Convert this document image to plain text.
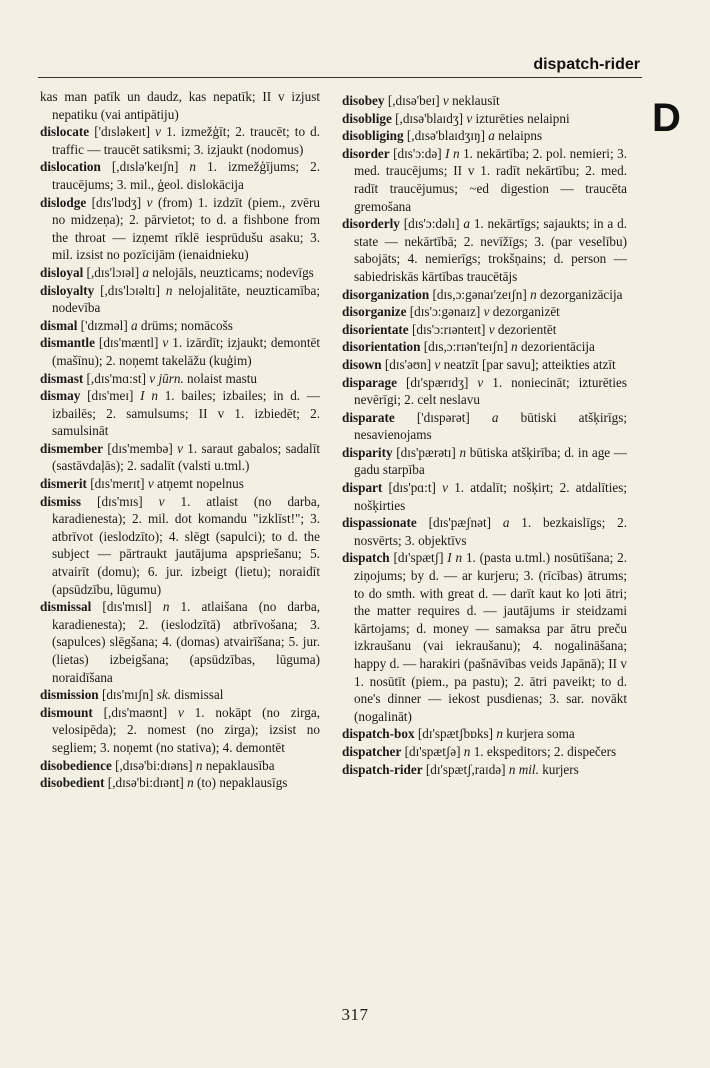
dispatch-rider
D

kas man patīk un daudz, kas nepatīk; II v izjust nepatiku (vai antipātiju)

dislocate ['dɪsləkeɪt] v 1. izmežģīt; 2. traucēt; to d. traffic — traucēt satiksmi; 3. izjaukt (nodomus)

dislocation [,dɪslə'keɪʃn] n 1. izmežģījums; 2. traucējums; 3. mil., ģeol. dislokācija

dislodge [dɪs'lɒdʒ] v (from) 1. izdzīt (piem., zvēru no midzeņa); 2. pārvietot; to d. a fishbone from the throat — izņemt rīklē iesprūdušu asaku; 3. mil. izsist no pozīcijām (ienaidnieku)

disloyal [,dɪs'lɔɪəl] a nelojāls, neuzticams; nodevīgs

disloyalty [,dɪs'lɔɪəltɪ] n nelojalitāte, neuzticamība; nodevība

dismal ['dɪzməl] a drūms; nomācošs

dismantle [dɪs'mæntl] v 1. izārdīt; izjaukt; demontēt (mašīnu); 2. noņemt takelāžu (kuģim)

dismast [,dɪs'mɑ:st] v jūrn. nolaist mastu

dismay [dɪs'meɪ] I n 1. bailes; izbailes; in d. — izbailēs; 2. samulsums; II v 1. izbiedēt; 2. samulsināt

dismember [dɪs'membə] v 1. saraut gabalos; sadalīt (sastāvdaļās); 2. sadalīt (valsti u.tml.)

dismerit [dɪs'merɪt] v atņemt nopelnus

dismiss [dɪs'mɪs] v 1. atlaist (no darba, karadienesta); 2. mil. dot komandu "izklīst!"; 3. atbrīvot (ieslodzīto); 4. slēgt (sapulci); to d. the subject — pārtraukt jautājuma apspriešanu; 5. atvairīt (domu); 6. jur. izbeigt (lietu); noraidīt (apsūdzību, lūgumu)

dismissal [dɪs'mɪsl] n 1. atlaišana (no darba, karadienesta); 2. (ieslodzītā) atbrīvošana; 3. (sapulces) slēgšana; 4. (domas) atvairīšana; 5. jur. (lietas) izbeigšana; (apsūdzības, lūguma) noraidīšana

dismission [dɪs'mɪʃn] sk. dismissal

dismount [,dɪs'maʊnt] v 1. nokāpt (no zirga, velosipēda); 2. nomest (no zirga); izsist no segliem; 3. noņemt (no stativa); 4. demontēt

disobedience [,dɪsə'bi:dɪəns] n nepaklausība

disobedient [,dɪsə'bi:dɪənt] n (to) nepaklausīgs

disobey [,dɪsə'beɪ] v neklausīt

disoblige [,dɪsə'blaɪdʒ] v izturēties nelaipni

disobliging [,dɪsə'blaɪdʒɪŋ] a nelaipns

disorder [dɪs'ɔ:də] I n 1. nekārtība; 2. pol. nemieri; 3. med. traucējums; II v 1. radīt nekārtību; 2. med. radīt traucējumus; ~ed digestion — traucēta gremošana

disorderly [dɪs'ɔ:dəlɪ] a 1. nekārtīgs; sajaukts; in a d. state — nekārtībā; 2. nevīžīgs; 3. (par veselību) sabojāts; 4. nemierīgs; trokšņains; d. person — sabiedriskās kārtības traucētājs

disorganization [dɪs,ɔ:gənaɪ'zeɪʃn] n dezorganizācija

disorganize [dɪs'ɔ:gənaɪz] v dezorganizēt

disorientate [dɪs'ɔ:rɪənteɪt] v dezorientēt

disorientation [dɪs,ɔ:rɪən'teɪʃn] n dezorientācija

disown [dɪs'əʊn] v neatzīt [par savu]; atteikties atzīt

disparage [dɪ'spærɪdʒ] v 1. noniecināt; izturēties nevērīgi; 2. celt neslavu

disparate ['dɪspərət] a būtiski atšķirīgs; nesavienojams

disparity [dɪs'pærətɪ] n būtiska atšķirība; d. in age — gadu starpība

dispart [dɪs'pɑ:t] v 1. atdalīt; nošķirt; 2. atdalīties; nošķirties

dispassionate [dɪs'pæʃnət] a 1. bezkaislīgs; 2. nosvērts; 3. objektīvs

dispatch [dɪ'spætʃ] I n 1. (pasta u.tml.) nosūtīšana; 2. ziņojums; by d. — ar kurjeru; 3. (rīcības) ātrums; to do smth. with great d. — darīt kaut ko ļoti ātri; the matter requires d. — jautājums ir steidzami kārtojams; d. money — samaksa par ātru preču izkraušanu (vai iekraušanu); 4. nogalināšana; happy d. — harakiri (pašnāvības veids Japānā); II v 1. nosūtīt (piem., pa pastu); 2. ātri paveikt; to d. one's dinner — iekost pusdienas; 3. sar. novākt (nogalināt)

dispatch-box [dɪ'spætʃbɒks] n kurjera soma

dispatcher [dɪ'spætʃə] n 1. ekspeditors; 2. dispečers

dispatch-rider [dɪ'spætʃ,raɪdə] n mil. kurjers

317
